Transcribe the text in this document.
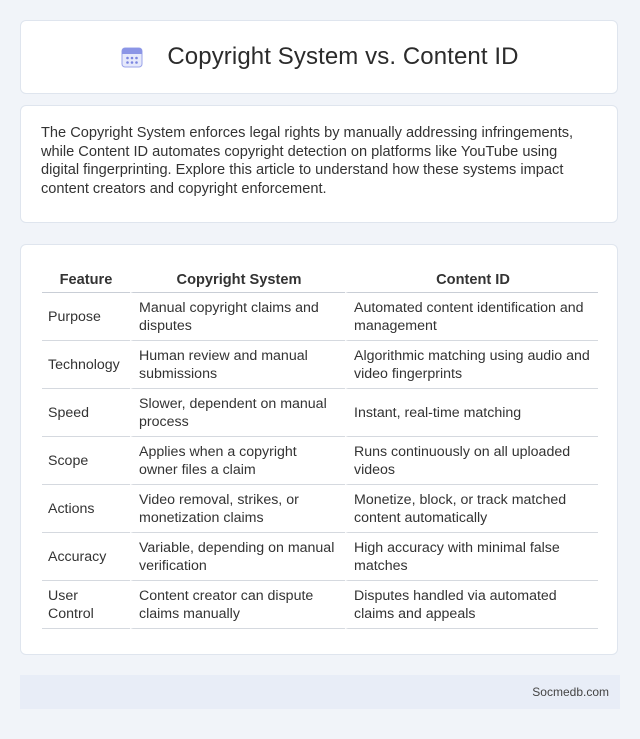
Copyright System vs. Content ID

The Copyright System enforces legal rights by manually addressing infringements, while Content ID automates copyright detection on platforms like YouTube using digital fingerprinting. Explore this article to understand how these systems impact content creators and copyright enforcement.

Feature	Copyright System	Content ID
Purpose	Manual copyright claims and disputes	Automated content identification and management
Technology	Human review and manual submissions	Algorithmic matching using audio and video fingerprints
Speed	Slower, dependent on manual process	Instant, real-time matching
Scope	Applies when a copyright owner files a claim	Runs continuously on all uploaded videos
Actions	Video removal, strikes, or monetization claims	Monetize, block, or track matched content automatically
Accuracy	Variable, depending on manual verification	High accuracy with minimal false matches
User Control	Content creator can dispute claims manually	Disputes handled via automated claims and appeals
Socmedb.com
